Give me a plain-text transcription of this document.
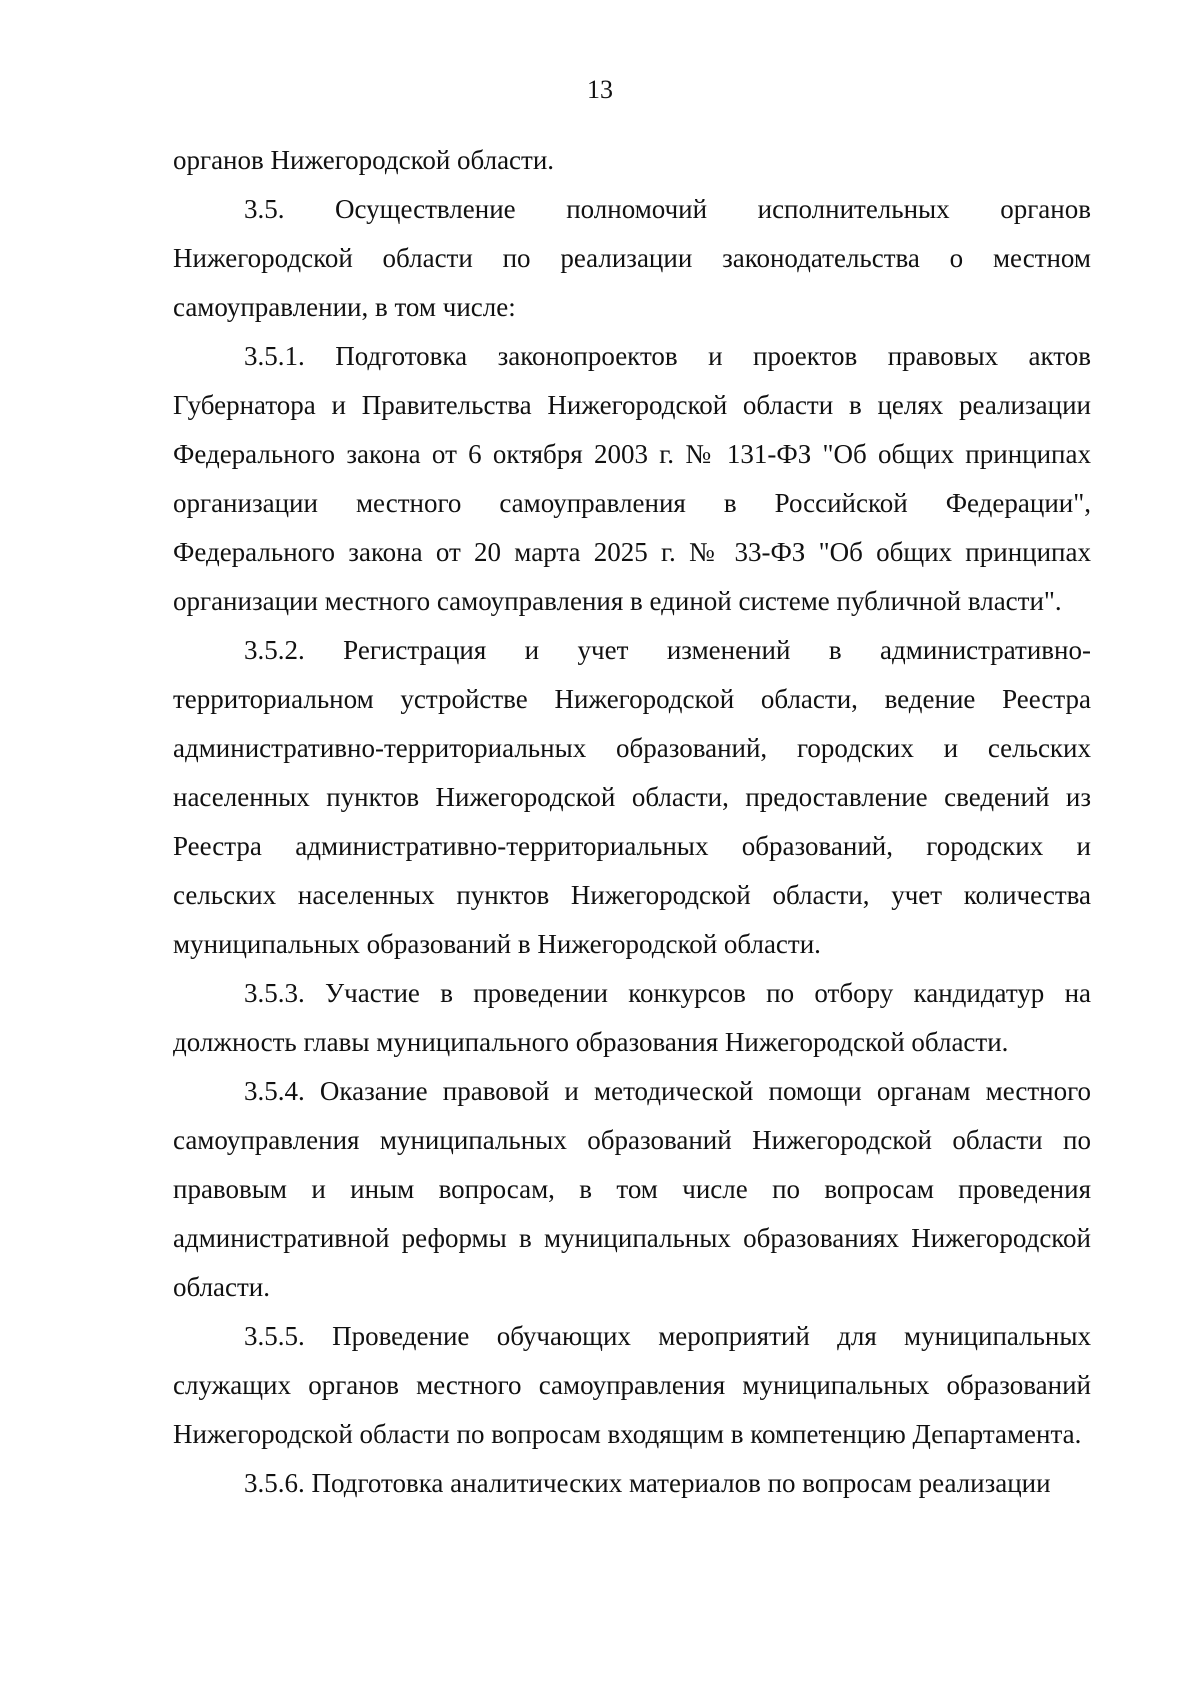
13

органов Нижегородской области.

3.5. Осуществление полномочий исполнительных органов Нижегородской области по реализации законодательства о местном самоуправлении, в том числе:

3.5.1. Подготовка законопроектов и проектов правовых актов Губернатора и Правительства Нижегородской области в целях реализации Федерального закона от 6 октября 2003 г. № 131-ФЗ "Об общих принципах организации местного самоуправления в Российской Федерации", Федерального закона от 20 марта 2025 г. № 33-ФЗ "Об общих принципах организации местного самоуправления в единой системе публичной власти".

3.5.2. Регистрация и учет изменений в административно-территориальном устройстве Нижегородской области, ведение Реестра административно-территориальных образований, городских и сельских населенных пунктов Нижегородской области, предоставление сведений из Реестра административно-территориальных образований, городских и сельских населенных пунктов Нижегородской области, учет количества муниципальных образований в Нижегородской области.

3.5.3. Участие в проведении конкурсов по отбору кандидатур на должность главы муниципального образования Нижегородской области.

3.5.4. Оказание правовой и методической помощи органам местного самоуправления муниципальных образований Нижегородской области по правовым и иным вопросам, в том числе по вопросам проведения административной реформы в муниципальных образованиях Нижегородской области.

3.5.5. Проведение обучающих мероприятий для муниципальных служащих органов местного самоуправления муниципальных образований Нижегородской области по вопросам входящим в компетенцию Департамента.

3.5.6. Подготовка аналитических материалов по вопросам реализации
